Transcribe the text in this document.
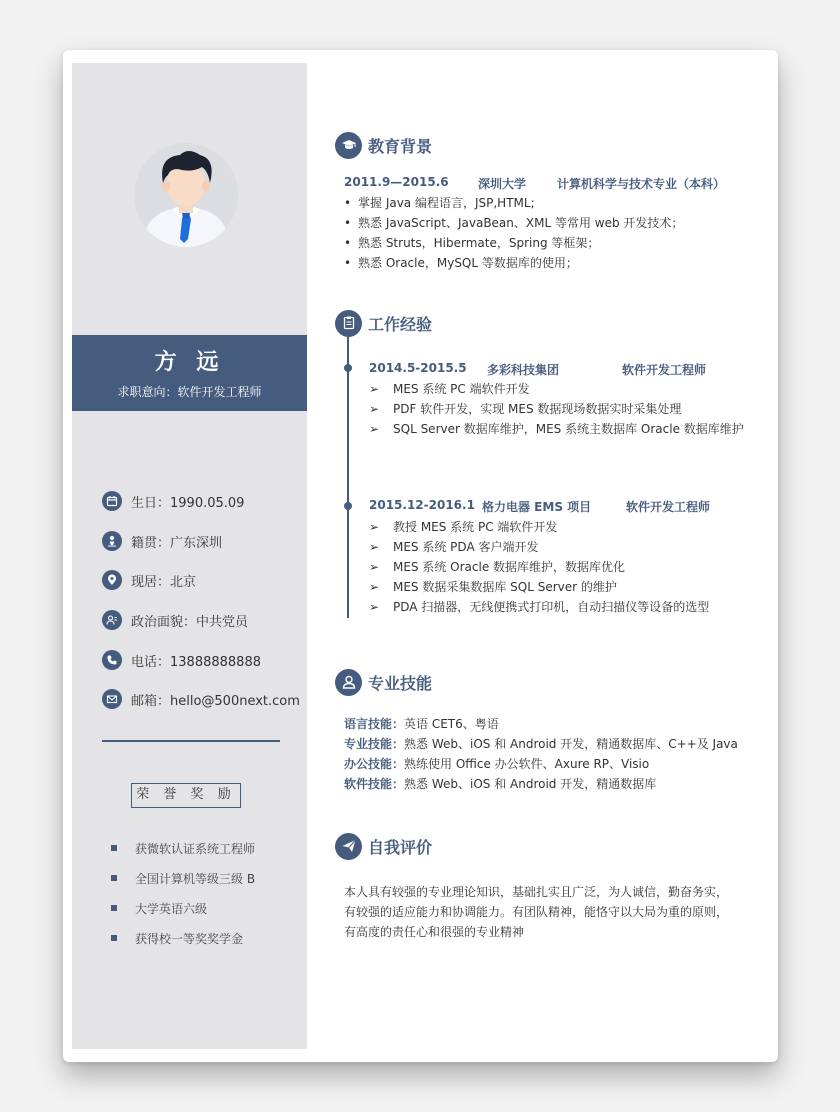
方 远
求职意向：软件开发工程师
生日：1990.05.09
籍贯：广东深圳
现居：北京
政治面貌：中共党员
电话：13888888888
邮箱：hello@500next.com
荣 誉 奖 励
获微软认证系统工程师
全国计算机等级三级 B
大学英语六级
获得校一等奖奖学金
教育背景
2011.9—2015.6 深圳大学	计算机科学与技术专业（本科）
• 掌握 Java 编程语言，JSP,HTML;
• 熟悉 JavaScript、JavaBean、XML 等常用 web 开发技术；
• 熟悉 Struts，Hibermate，Spring 等框架；
• 熟悉 Oracle，MySQL 等数据库的使用；
工作经验
2014.5-2015.5 多彩科技集团	软件开发工程师
➢ MES 系统 PC 端软件开发
➢ PDF 软件开发，实现 MES 数据现场数据实时采集处理
➢ SQL Server 数据库维护，MES 系统主数据库 Oracle 数据库维护
2015.12-2016.1 格力电器 EMS 项目	软件开发工程师
➢ 教授 MES 系统 PC 端软件开发
➢ MES 系统 PDA 客户端开发
➢ MES 系统 Oracle 数据库维护，数据库优化
➢ MES 数据采集数据库 SQL Server 的维护
➢ PDA 扫描器，无线便携式打印机，自动扫描仪等设备的选型
专业技能
语言技能：英语 CET6、粤语
专业技能：熟悉 Web、iOS 和 Android 开发，精通数据库、C++及 Java
办公技能：熟练使用 Office 办公软件、Axure RP、Visio
软件技能：熟悉 Web、iOS 和 Android 开发，精通数据库
自我评价
本人具有较强的专业理论知识，基础扎实且广泛，为人诚信，勤奋务实，
有较强的适应能力和协调能力。有团队精神，能恪守以大局为重的原则，
有高度的责任心和很强的专业精神
